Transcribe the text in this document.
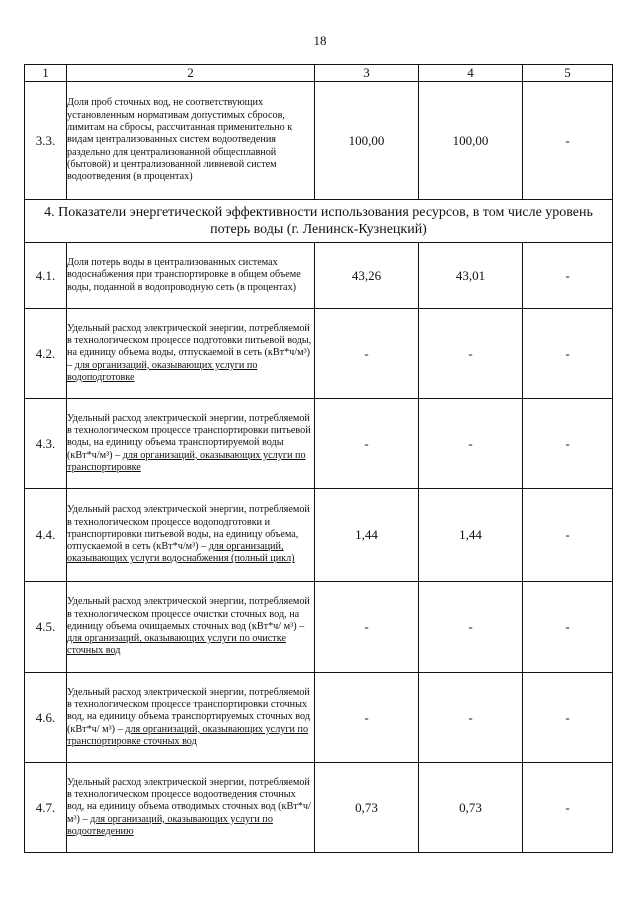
18
1	2	3	4	5
3.3.	Доля проб сточных вод, не соответствующих установленным нормативам допустимых сбросов, лимитам на сбросы, рассчитанная применительно к видам централизованных систем водоотведения раздельно для централизованной общесплавной (бытовой) и централизованной ливневой систем водоотведения (в процентах)	100,00	100,00	-
4. Показатели энергетической эффективности использования ресурсов, в том числе уровень потерь воды (г. Ленинск-Кузнецкий)				
4.1.	Доля потерь воды в централизованных системах водоснабжения при транспортировке в общем объеме воды, поданной в водопроводную сеть (в процентах)	43,26	43,01	-
4.2.	Удельный расход электрической энергии, потребляемой в технологическом процессе подготовки питьевой воды, на единицу объема воды, отпускаемой в сеть (кВт*ч/м³) – для организаций, оказывающих услуги по водоподготовке	-	-	-
4.3.	Удельный расход электрической энергии, потребляемой в технологическом процессе транспортировки питьевой воды, на единицу объема транспортируемой воды (кВт*ч/м³) – для организаций, оказывающих услуги по транспортировке	-	-	-
4.4.	Удельный расход электрической энергии, потребляемой в технологическом процессе водоподготовки и транспортировки питьевой воды, на единицу объема, отпускаемой в сеть (кВт*ч/м³) – для организаций, оказывающих услуги водоснабжения (полный цикл)	1,44	1,44	-
4.5.	Удельный расход электрической энергии, потребляемой в технологическом процессе очистки сточных вод, на единицу объема очищаемых сточных вод (кВт*ч/ м³) – для организаций, оказывающих услуги по очистке сточных вод	-	-	-
4.6.	Удельный расход электрической энергии, потребляемой в технологическом процессе транспортировки сточных вод, на единицу объема транспортируемых сточных вод (кВт*ч/ м³) – для организаций, оказывающих услуги по транспортировке сточных вод	-	-	-
4.7.	Удельный расход электрической энергии, потребляемой в технологическом процессе водоотведения сточных вод, на единицу объема отводимых сточных вод (кВт*ч/ м³) – для организаций, оказывающих услуги по водоотведению	0,73	0,73	-
